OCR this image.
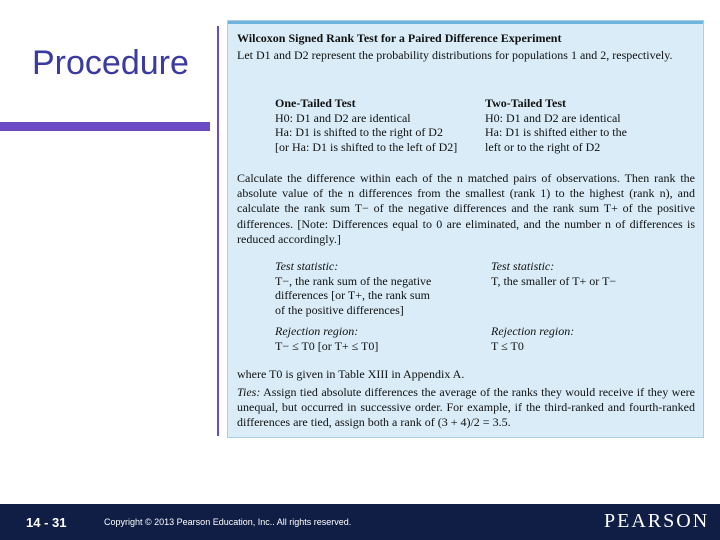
Procedure
Wilcoxon Signed Rank Test for a Paired Difference Experiment
Let D1 and D2 represent the probability distributions for populations 1 and 2, respectively.
One-Tailed Test
H0: D1 and D2 are identical
Ha: D1 is shifted to the right of D2
[or Ha: D1 is shifted to the left of D2]
Two-Tailed Test
H0: D1 and D2 are identical
Ha: D1 is shifted either to the
left or to the right of D2
Calculate the difference within each of the n matched pairs of observations. Then rank the absolute value of the n differences from the smallest (rank 1) to the highest (rank n), and calculate the rank sum T− of the negative differences and the rank sum T+ of the positive differences. [Note: Differences equal to 0 are eliminated, and the number n of differences is reduced accordingly.]
Test statistic:
T−, the rank sum of the negative
differences [or T+, the rank sum
of the positive differences]
Rejection region:
T− ≤ T0 [or T+ ≤ T0]
Test statistic:
T, the smaller of T+ or T−
Rejection region:
T ≤ T0
where T0 is given in Table XIII in Appendix A.
Ties: Assign tied absolute differences the average of the ranks they would receive if they were unequal, but occurred in successive order. For example, if the third-ranked and fourth-ranked differences are tied, assign both a rank of (3 + 4)/2 = 3.5.
14 - 31	Copyright © 2013 Pearson Education, Inc.. All rights reserved.	PEARSON
